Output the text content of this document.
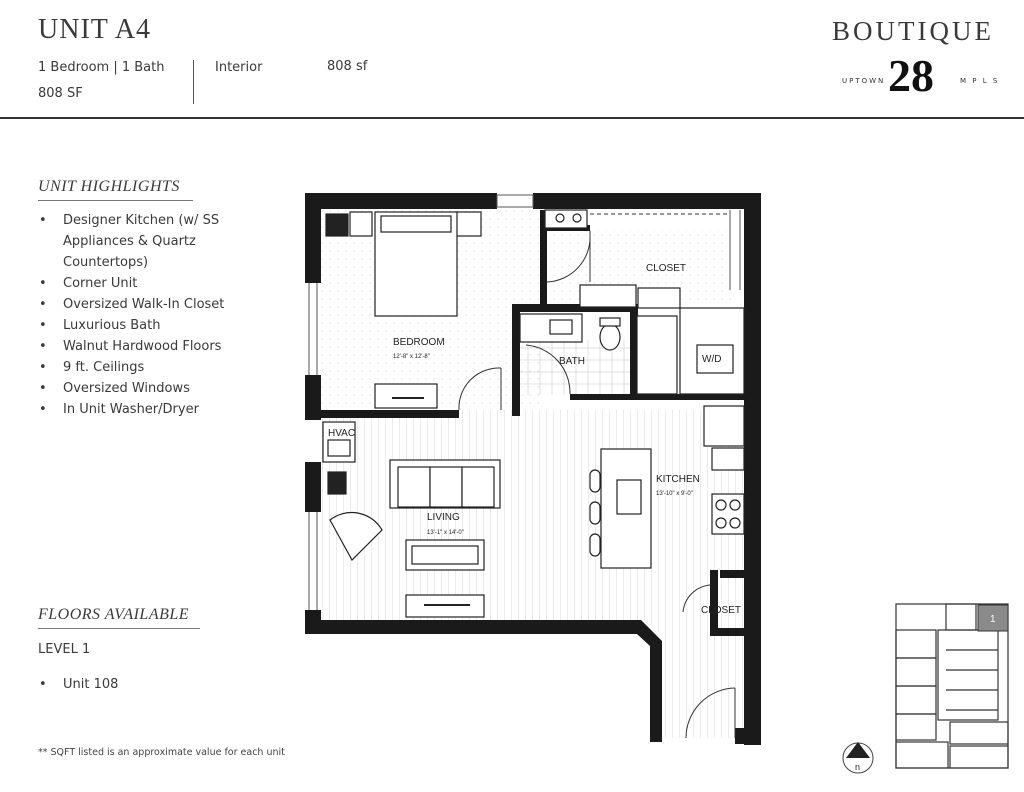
UNIT A4
1 Bedroom | 1 Bath
808 SF
Interior	808 sf
BOUTIQUE
UPTOWN 28	M P L S
UNIT HIGHLIGHTS
• Designer Kitchen (w/ SS Appliances & Quartz Countertops)
• Corner Unit
• Oversized Walk-In Closet
• Luxurious Bath
• Walnut Hardwood Floors
• 9 ft. Ceilings
• Oversized Windows
• In Unit Washer/Dryer
FLOORS AVAILABLE
LEVEL 1
• Unit 108
** SQFT listed is an approximate value for each unit
BEDROOM
12'-8" x 12'-8"
CLOSET
BATH	W/D
HVAC
LIVING
13'-1" x 14'-0"
KITCHEN
13'-10" x 9'-0"
CLOSET
1
n
